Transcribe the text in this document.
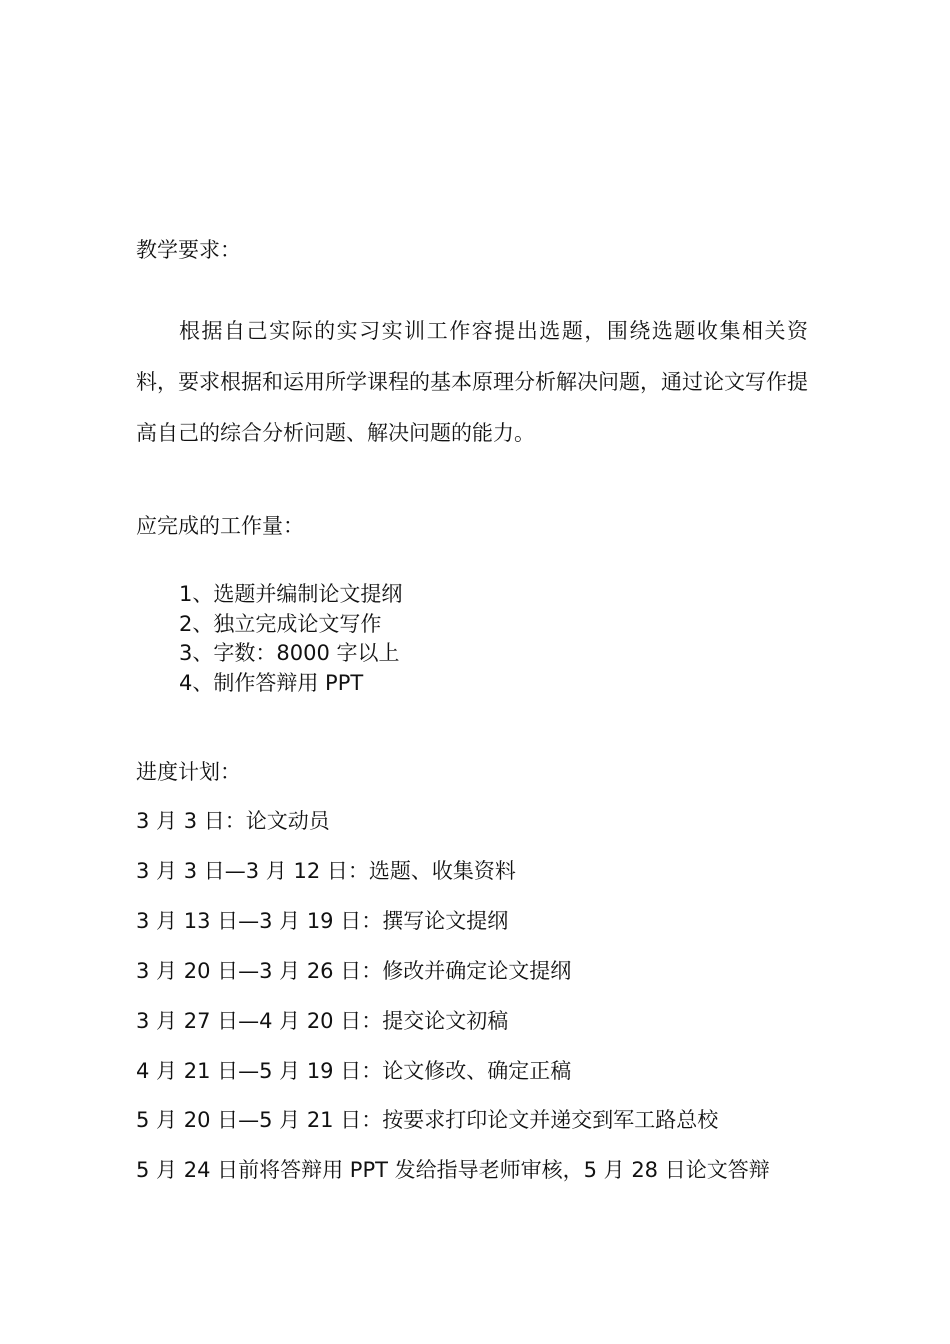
教学要求：
根据自己实际的实习实训工作容提出选题，围绕选题收集相关资料，要求根据和运用所学课程的基本原理分析解决问题，通过论文写作提高自己的综合分析问题、解决问题的能力。
应完成的工作量：
1、选题并编制论文提纲
2、独立完成论文写作
3、字数：8000 字以上
4、制作答辩用 PPT
进度计划：
3 月 3 日：论文动员
3 月 3 日—3 月 12 日：选题、收集资料
3 月 13 日—3 月 19 日：撰写论文提纲
3 月 20 日—3 月 26 日：修改并确定论文提纲
3 月 27 日—4 月 20 日：提交论文初稿
4 月 21 日—5 月 19 日：论文修改、确定正稿
5 月 20 日—5 月 21 日：按要求打印论文并递交到军工路总校
5 月 24 日前将答辩用 PPT 发给指导老师审核，5 月 28 日论文答辩
